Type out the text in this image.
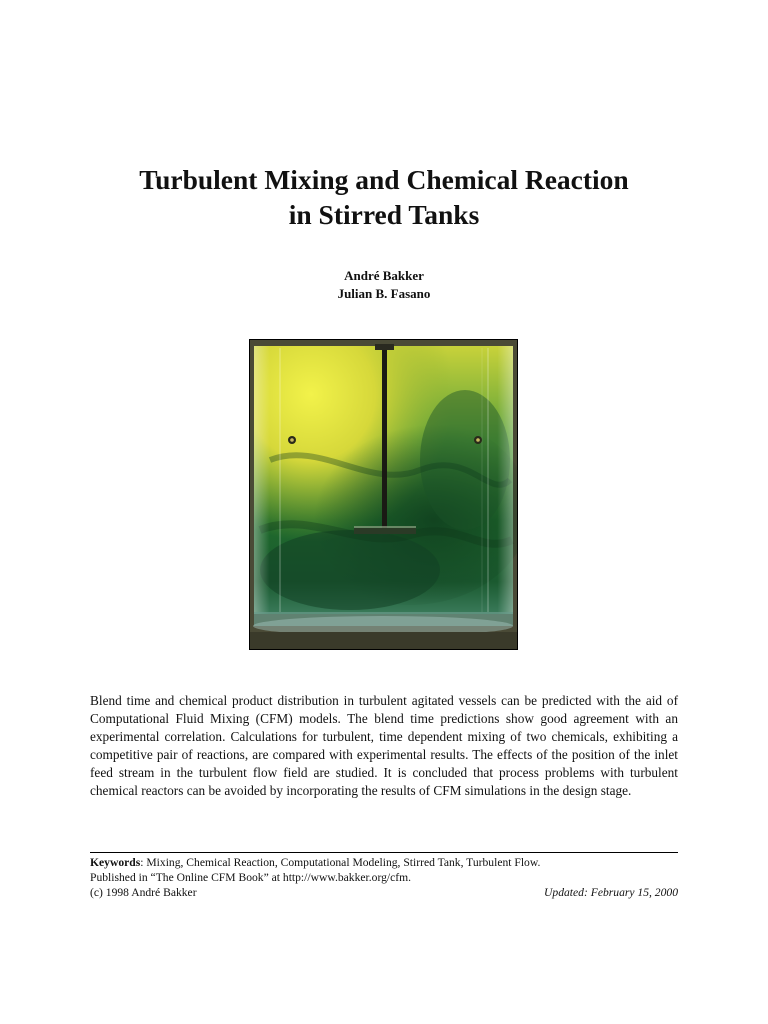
Turbulent Mixing and Chemical Reaction
in Stirred Tanks
André Bakker
Julian B. Fasano

Blend time and chemical product distribution in turbulent agitated vessels can be predicted with the aid of Computational Fluid Mixing (CFM) models. The blend time predictions show good agreement with an experimental correlation. Calculations for turbulent, time dependent mixing of two chemicals, exhibiting a competitive pair of reactions, are compared with experimental results. The effects of the position of the inlet feed stream in the turbulent flow field are studied. It is concluded that process problems with turbulent chemical reactors can be avoided by incorporating the results of CFM simulations in the design stage.

Keywords: Mixing, Chemical Reaction, Computational Modeling, Stirred Tank, Turbulent Flow.
Published in “The Online CFM Book” at http://www.bakker.org/cfm.
(c) 1998 André Bakker	Updated: February 15, 2000
